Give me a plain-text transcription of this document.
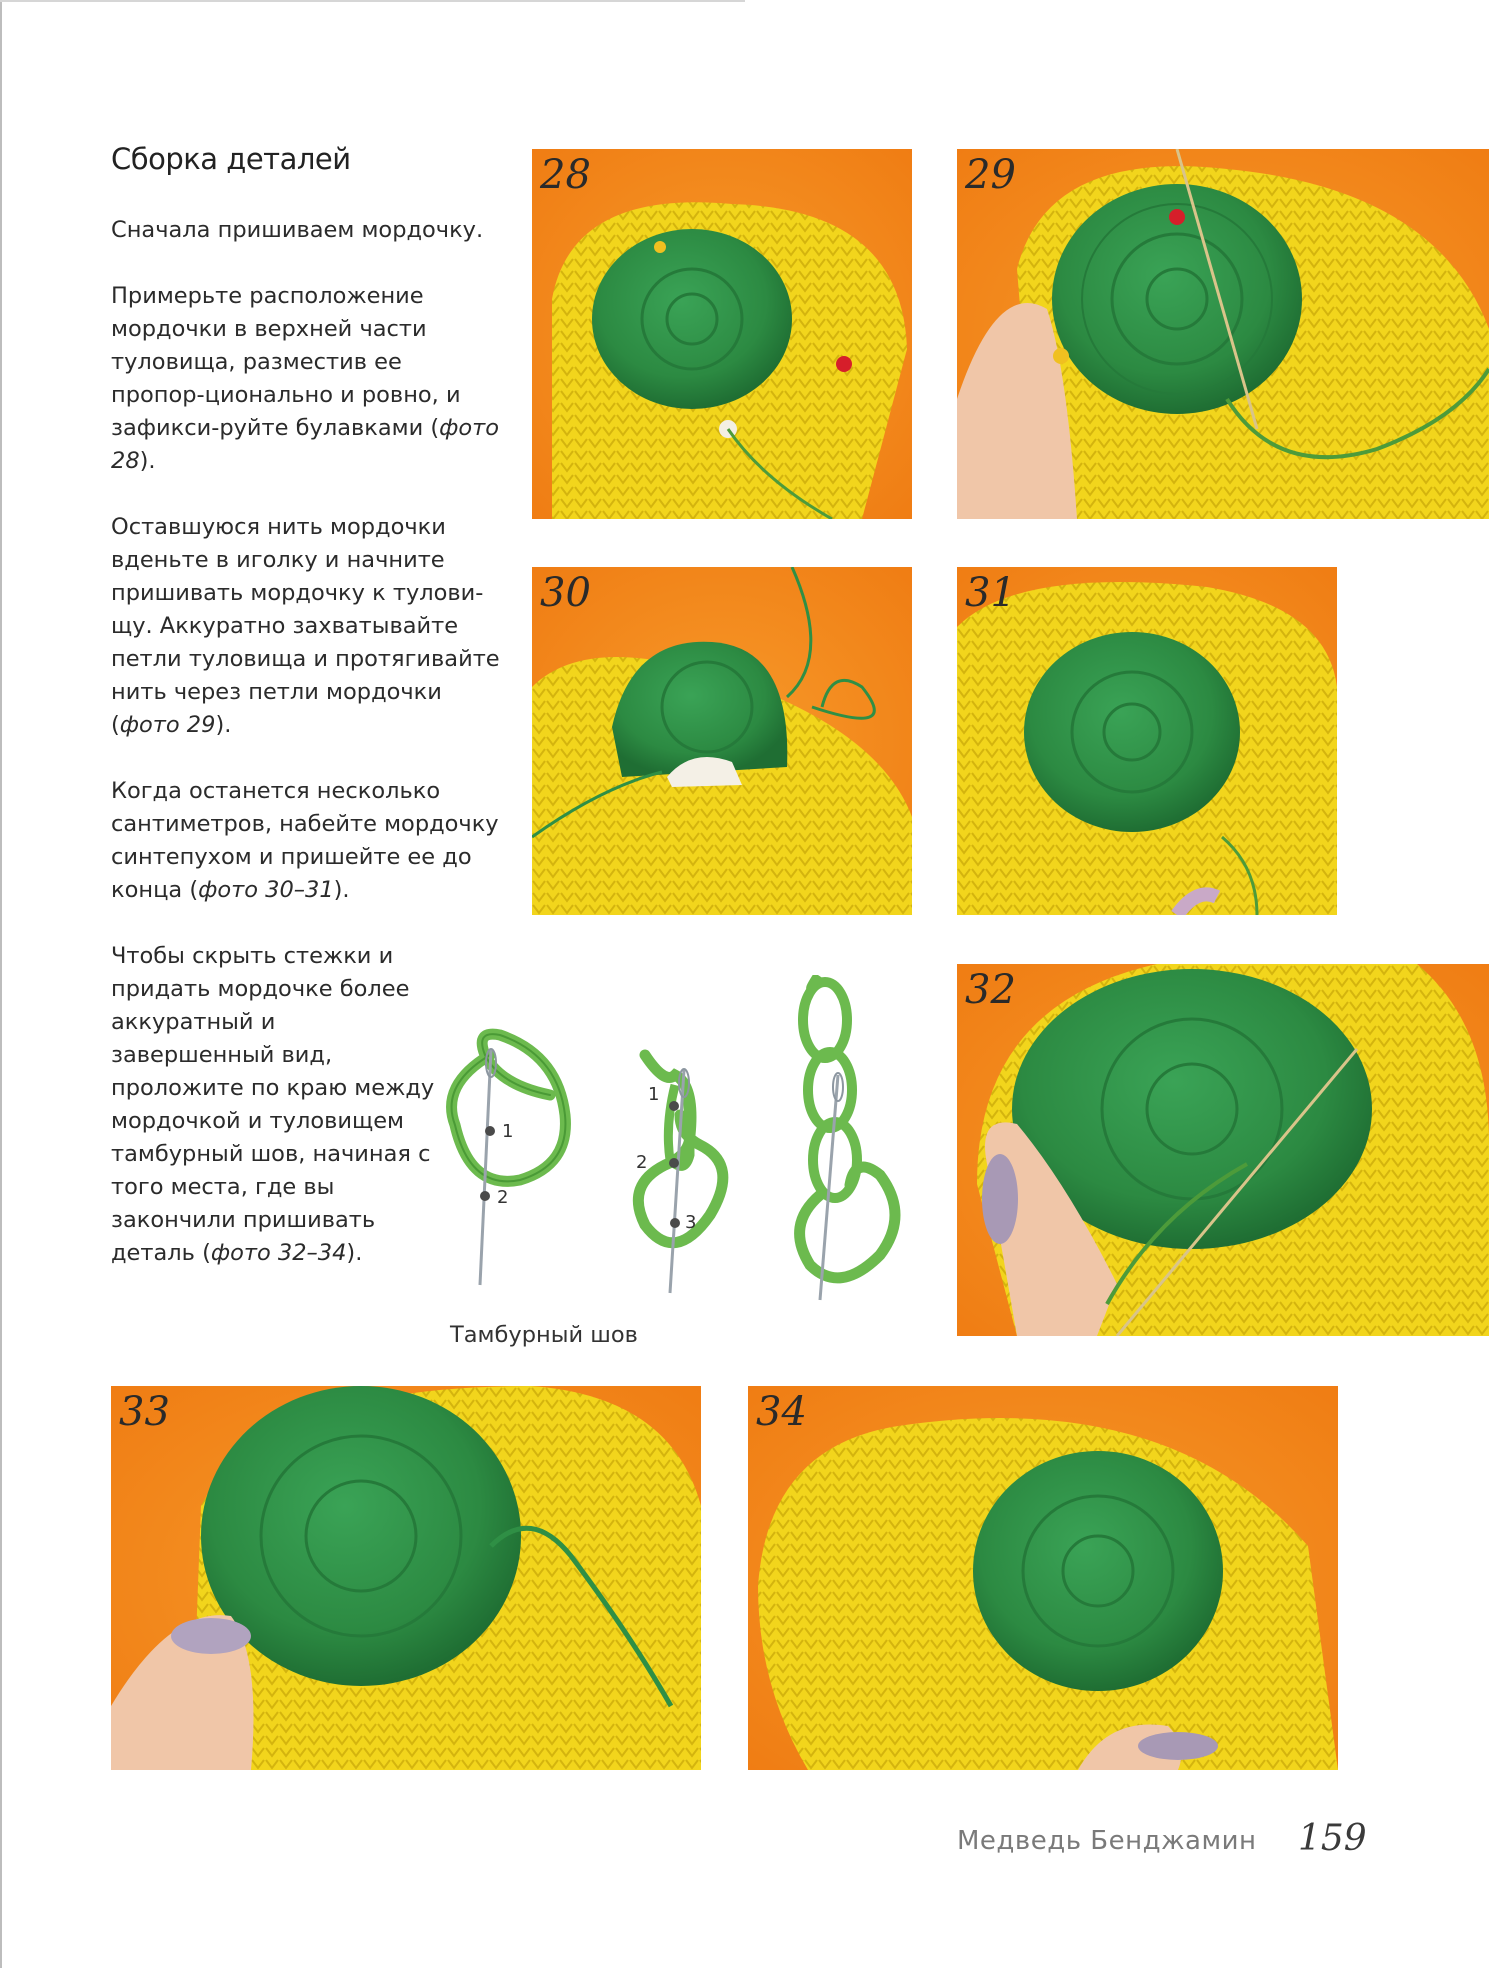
Сборка деталей

Сначала пришиваем мордочку.

Примерьте расположение мордочки в верхней части туловища, разместив ее пропор-ционально и ровно, и зафикси-руйте булавками (фото 28).

Оставшуюся нить мордочки вденьте в иголку и начните пришивать мордочку к тулови-щу. Аккуратно захватывайте петли туловища и протягивайте нить через петли мордочки (фото 29).

Когда останется несколько сантиметров, набейте мордочку синтепухом и пришейте ее до конца (фото 30–31).

Чтобы скрыть стежки и придать мордочке более аккуратный и завершенный вид, проложите по краю между мордочкой и туловищем тамбурный шов, начиная с того места, где вы закончили пришивать деталь (фото 32–34).

28	29
30	31
32
33	34
1
2
1
2
3
Тамбурный шов
Медведь Бенджамин 159
